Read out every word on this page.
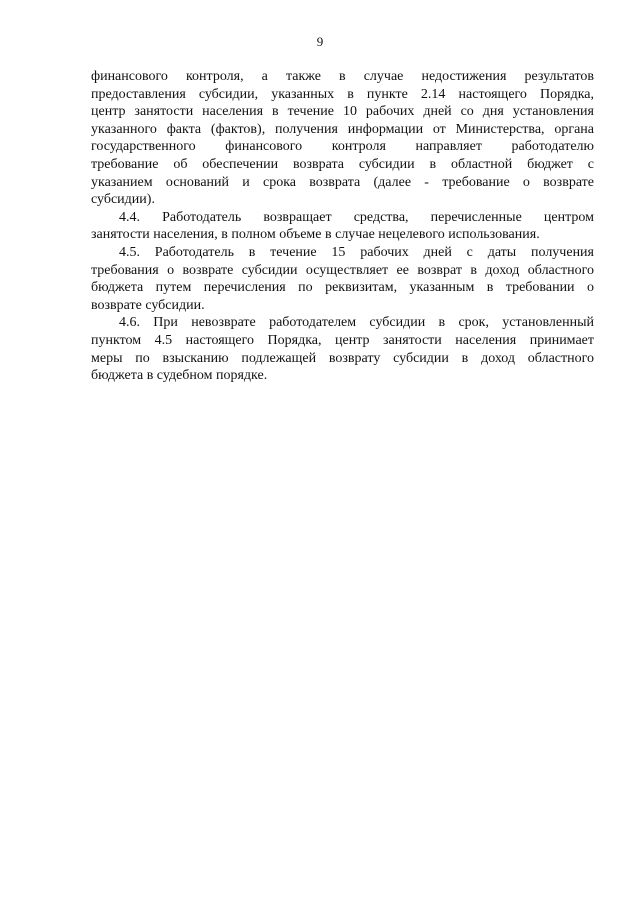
9
финансового контроля, а также в случае недостижения результатов
предоставления субсидии, указанных в пункте 2.14 настоящего Порядка,
центр занятости населения в течение 10 рабочих дней со дня установления
указанного факта (фактов), получения информации от Министерства, органа
государственного финансового контроля направляет работодателю
требование об обеспечении возврата субсидии в областной бюджет с
указанием оснований и срока возврата (далее - требование о возврате
субсидии).
4.4. Работодатель возвращает средства, перечисленные центром
занятости населения, в полном объеме в случае нецелевого использования.
4.5. Работодатель в течение 15 рабочих дней с даты получения
требования о возврате субсидии осуществляет ее возврат в доход областного
бюджета путем перечисления по реквизитам, указанным в требовании о
возврате субсидии.
4.6. При невозврате работодателем субсидии в срок, установленный
пунктом 4.5 настоящего Порядка, центр занятости населения принимает
меры по взысканию подлежащей возврату субсидии в доход областного
бюджета в судебном порядке.
